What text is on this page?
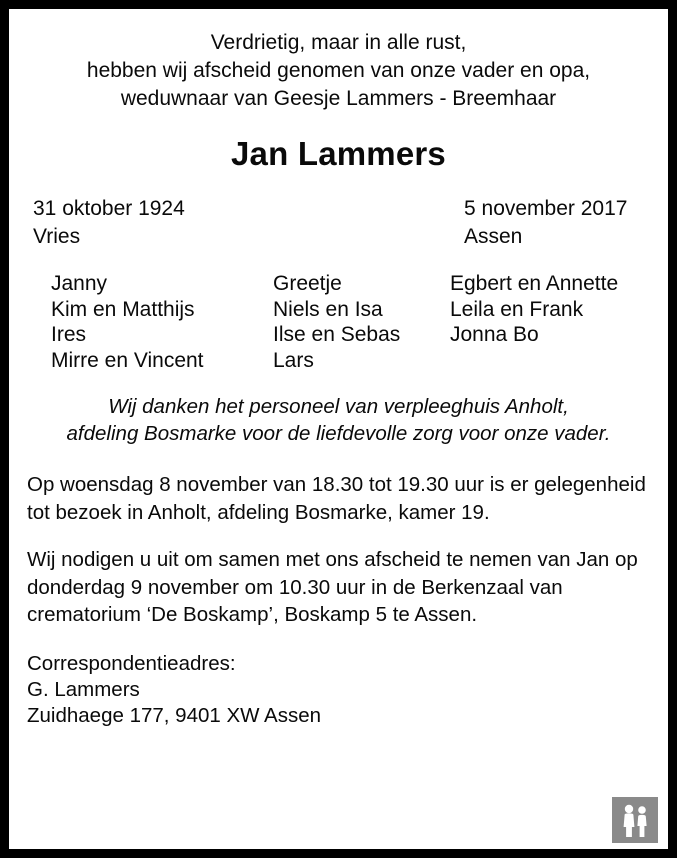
Verdrietig, maar in alle rust,
hebben wij afscheid genomen van onze vader en opa,
weduwnaar van Geesje Lammers - Breemhaar
Jan Lammers
31 oktober 1924
Vries
5 november 2017
Assen
Janny
Kim en Matthijs
Ires
Mirre en Vincent
Greetje
Niels en Isa
Ilse en Sebas
Lars
Egbert en Annette
Leila en Frank
Jonna Bo
Wij danken het personeel van verpleeghuis Anholt,
afdeling Bosmarke voor de liefdevolle zorg voor onze vader.
Op woensdag 8 november van 18.30 tot 19.30 uur is er gelegenheid tot bezoek in Anholt, afdeling Bosmarke, kamer 19.
Wij nodigen u uit om samen met ons afscheid te nemen van Jan op donderdag 9 november om 10.30 uur in de Berkenzaal van crematorium ‘De Boskamp’, Boskamp 5 te Assen.
Correspondentieadres:
G. Lammers
Zuidhaege 177, 9401 XW Assen
